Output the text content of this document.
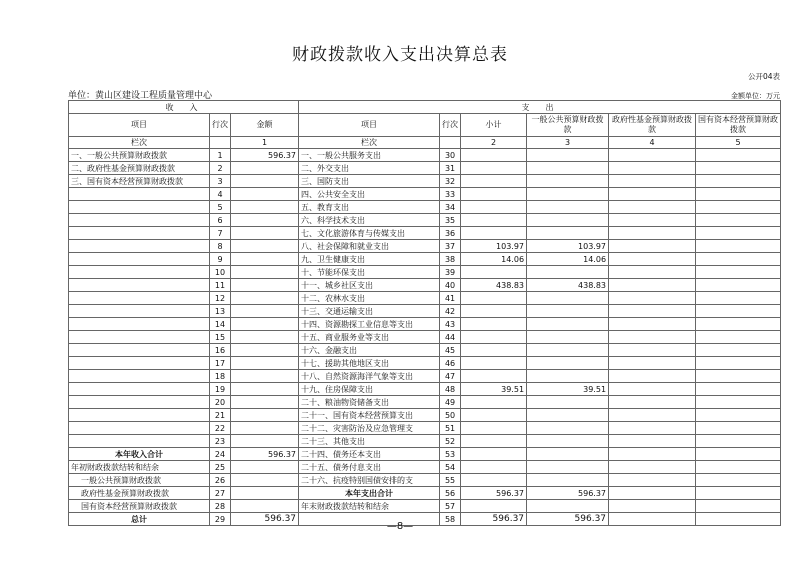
财政拨款收入支出决算总表
公开04表
单位：黄山区建设工程质量管理中心	金额单位：万元
收　入			支　出					
项目	行次	金额	项目	行次	小计	一般公共预算财政拨款	政府性基金预算财政拨款	国有资本经营预算财政拨款
栏次		1	栏次		2	3	4	5
一、一般公共预算财政拨款	1	596.37	一、一般公共服务支出	30				
二、政府性基金预算财政拨款	2		二、外交支出	31				
三、国有资本经营预算财政拨款	3		三、国防支出	32				
	4		四、公共安全支出	33				
	5		五、教育支出	34				
	6		六、科学技术支出	35				
	7		七、文化旅游体育与传媒支出	36				
	8		八、社会保障和就业支出	37	103.97	103.97		
	9		九、卫生健康支出	38	14.06	14.06		
	10		十、节能环保支出	39				
	11		十一、城乡社区支出	40	438.83	438.83		
	12		十二、农林水支出	41				
	13		十三、交通运输支出	42				
	14		十四、资源勘探工业信息等支出	43				
	15		十五、商业服务业等支出	44				
	16		十六、金融支出	45				
	17		十七、援助其他地区支出	46				
	18		十八、自然资源海洋气象等支出	47				
	19		十九、住房保障支出	48	39.51	39.51		
	20		二十、粮油物资储备支出	49				
	21		二十一、国有资本经营预算支出	50				
	22		二十二、灾害防治及应急管理支	51				
	23		二十三、其他支出	52				
本年收入合计	24	596.37	二十四、债务还本支出	53				
年初财政拨款结转和结余	25		二十五、债务付息支出	54				
一般公共预算财政拨款	26		二十六、抗疫特别国债安排的支	55				
政府性基金预算财政拨款	27		本年支出合计	56	596.37	596.37		
国有资本经营预算财政拨款	28		年末财政拨款结转和结余	57				
总计	29	596.37		58	596.37	596.37		
—8—
